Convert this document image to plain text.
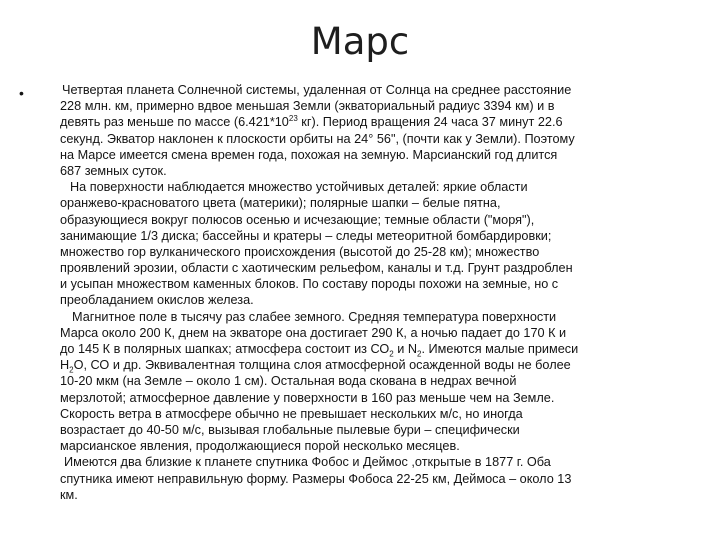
Марс
•	Четвертая планета Солнечной системы, удаленная от Солнца на среднее расстояние
228 млн. км, примерно вдвое меньшая Земли (экваториальный радиус 3394 км) и в
девять раз меньше по массе ($6.421*10^{23}$ кг). Период вращения 24 часа 37 минут 22.6
секунд. Экватор наклонен к плоскости орбиты на 24° 56", (почти как у Земли). Поэтому
на Марсе имеется смена времен года, похожая на земную. Марсианский год длится
687 земных суток.
На поверхности наблюдается множество устойчивых деталей: яркие области
оранжево-красноватого цвета (материки); полярные шапки – белые пятна,
образующиеся вокруг полюсов осенью и исчезающие; темные области ("моря"),
занимающие 1/3 диска; бассейны и кратеры – следы метеоритной бомбардировки;
множество гор вулканического происхождения (высотой до 25-28 км); множество
проявлений эрозии, области с хаотическим рельефом, каналы и т.д. Грунт раздроблен
и усыпан множеством каменных блоков. По составу породы похожи на земные, но с
преобладанием окислов железа.
Магнитное поле в тысячу раз слабее земного. Средняя температура поверхности
Марса около 200 К, днем на экваторе она достигает 290 К, а ночью падает до 170 К и
до 145 К в полярных шапках; атмосфера состоит из $СО_2$ и $N_2$. Имеются малые примеси
$Н_2О$, СО и др. Эквивалентная толщина слоя атмосферной осажденной воды не более
10-20 мкм (на Земле – около 1 см). Остальная вода скована в недрах вечной
мерзлотой; атмосферное давление у поверхности в 160 раз меньше чем на Земле.
Скорость ветра в атмосфере обычно не превышает нескольких м/с, но иногда
возрастает до 40-50 м/с, вызывая глобальные пылевые бури – специфически
марсианское явления, продолжающиеся порой несколько месяцев.
Имеются два близкие к планете спутника Фобос и Деймос ,открытые в 1877 г. Оба
спутника имеют неправильную форму. Размеры Фобоса 22-25 км, Деймоса – около 13
км.
